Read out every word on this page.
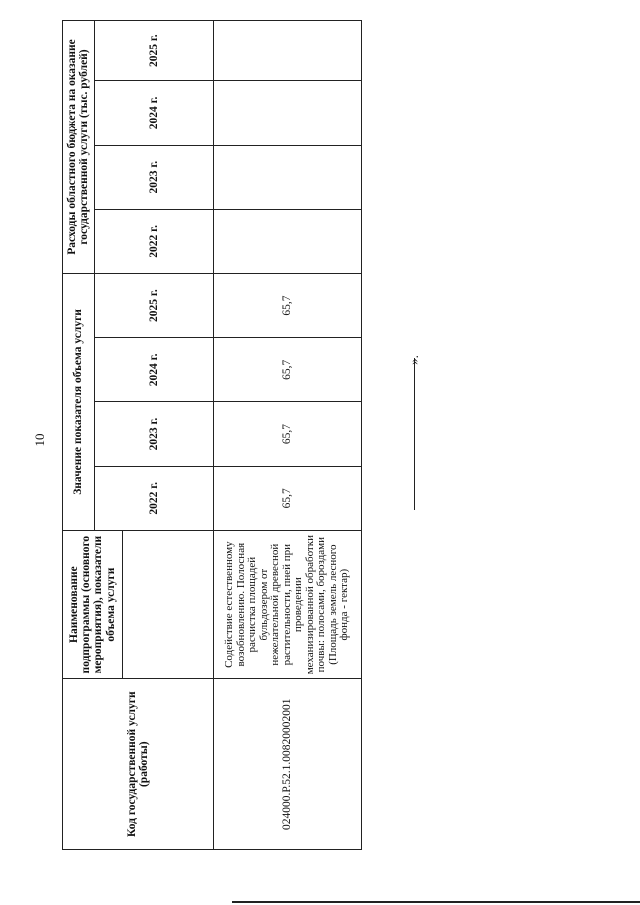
10
Код государственной услуги (работы)	Наименование подпрограммы (основного мероприятия), показатели объема услуги	Значение показателя объема услуги				Расходы областного бюджета на оказание государственной услуги (тыс. рублей)			
		2022 г.	2023 г.	2024 г.	2025 г.	2022 г.	2023 г.	2024 г.	2025 г.

024000.Р.52.1.00820002001	Содействие естественному возобновлению. Полосная расчистка площадей бульдозером от нежелательной древесной растительности, пней при проведении механизированной обработки почвы: полосами, бороздами (Площадь земель лесного фонда - гектар)	65,7	65,7	65,7	65,7				
».
